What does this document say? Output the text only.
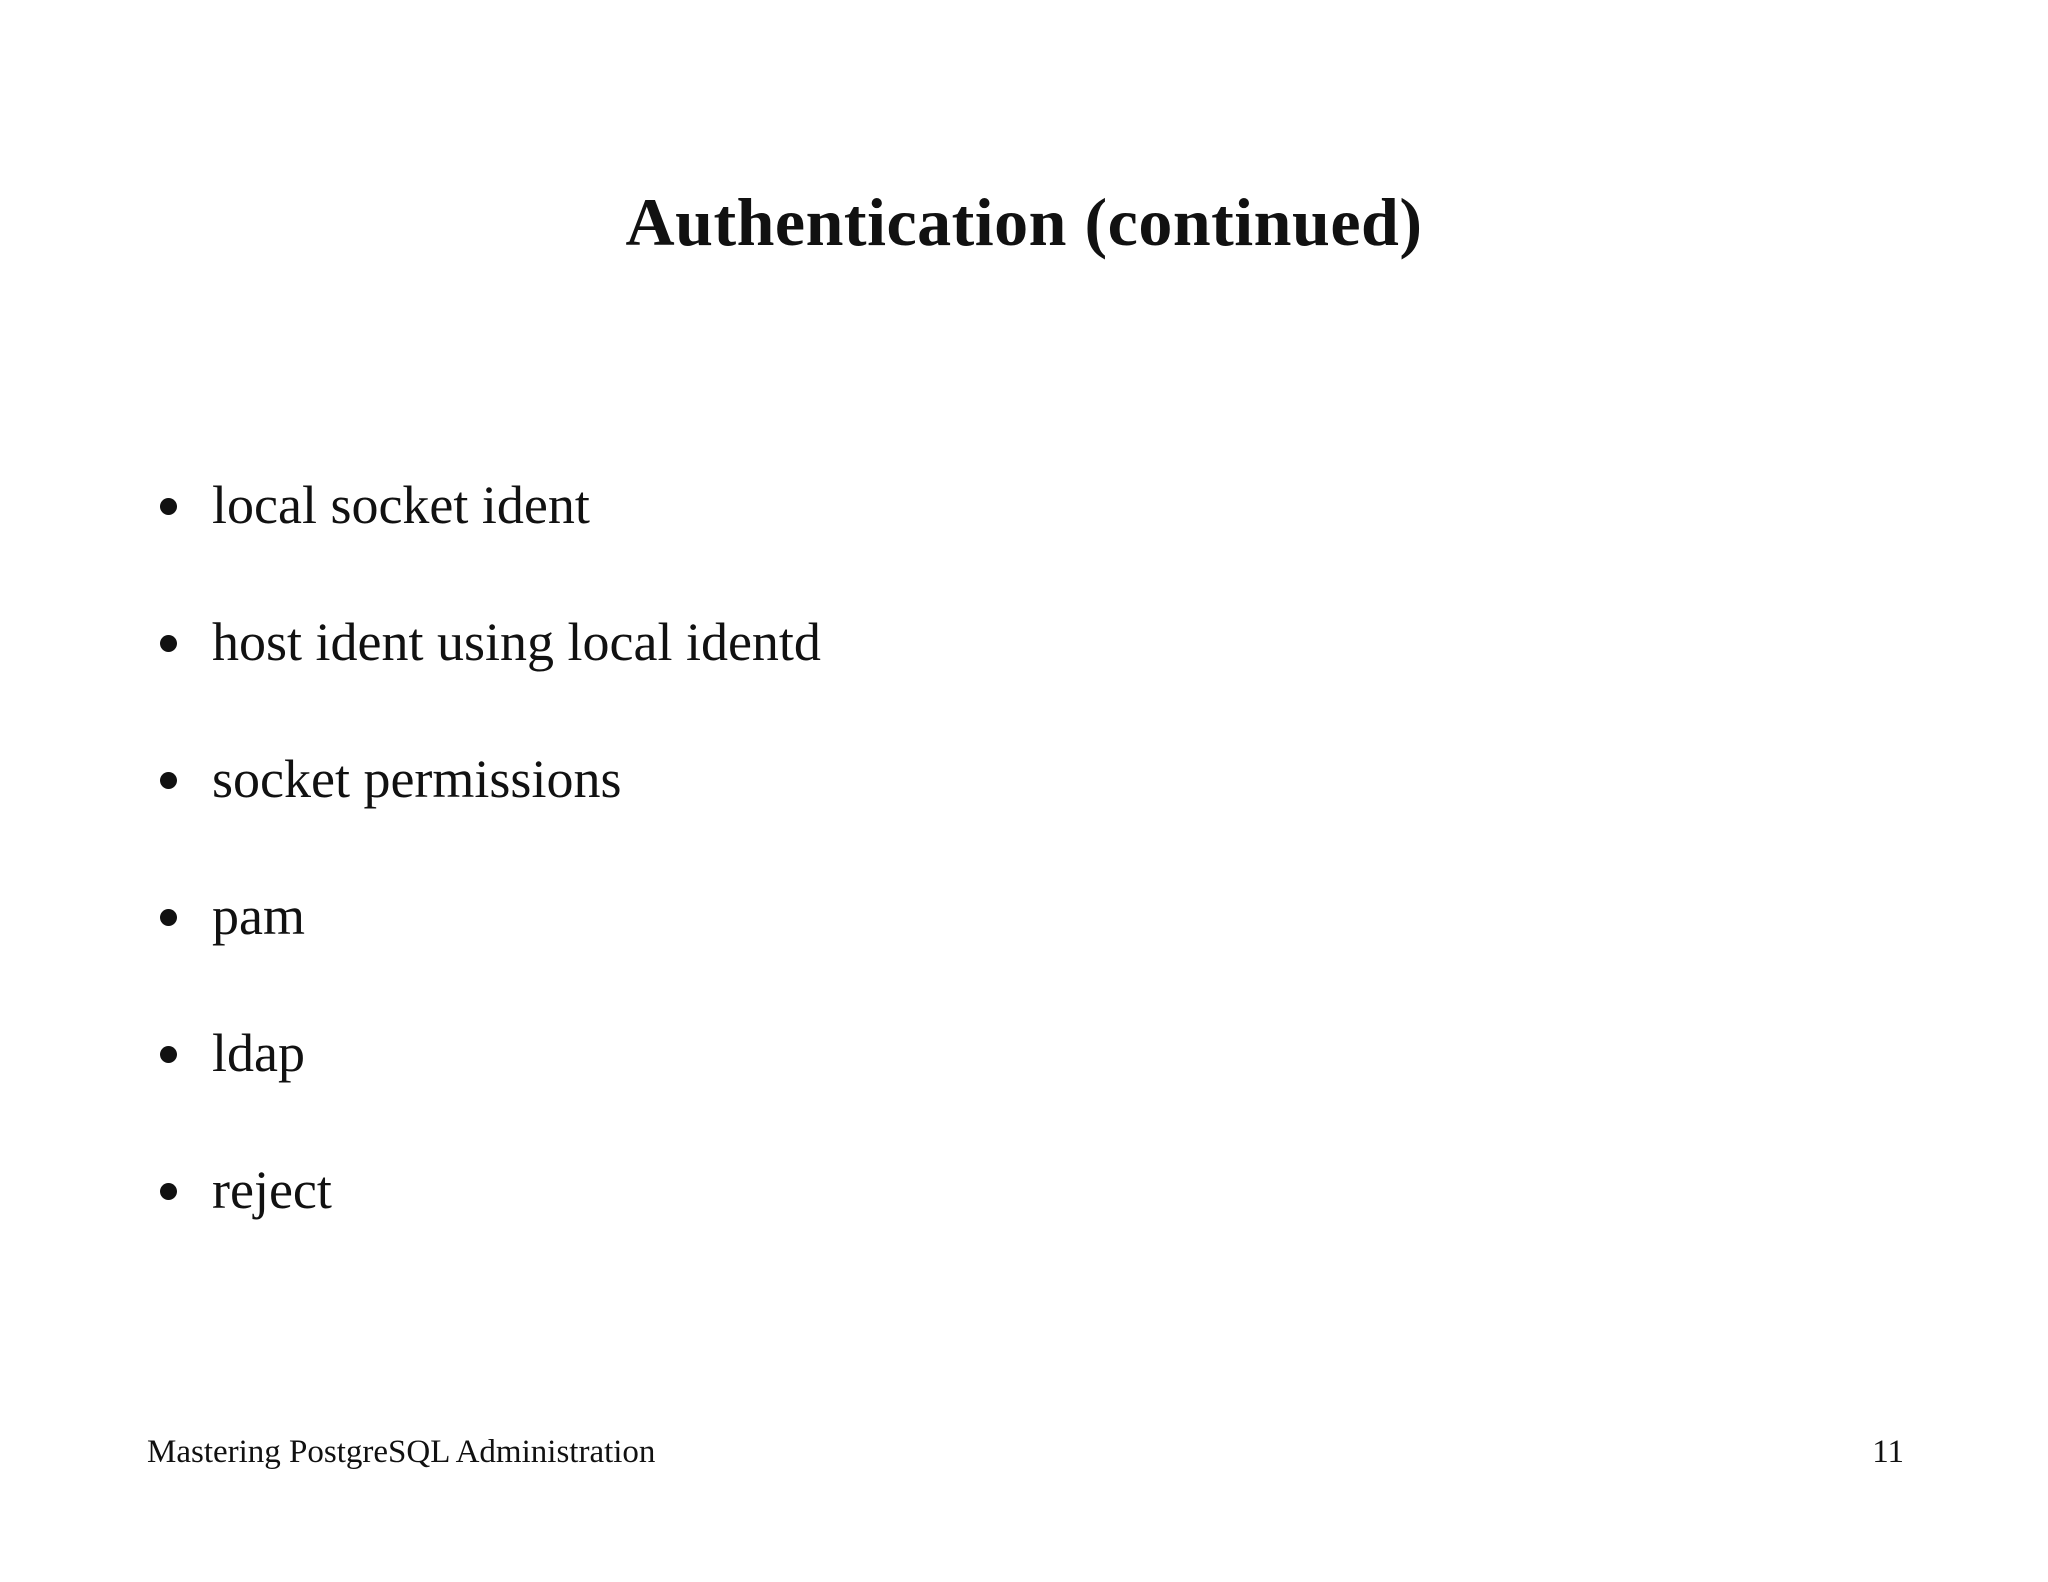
Authentication (continued)
local socket ident
host ident using local identd
socket permissions
pam
ldap
reject
Mastering PostgreSQL Administration	11
